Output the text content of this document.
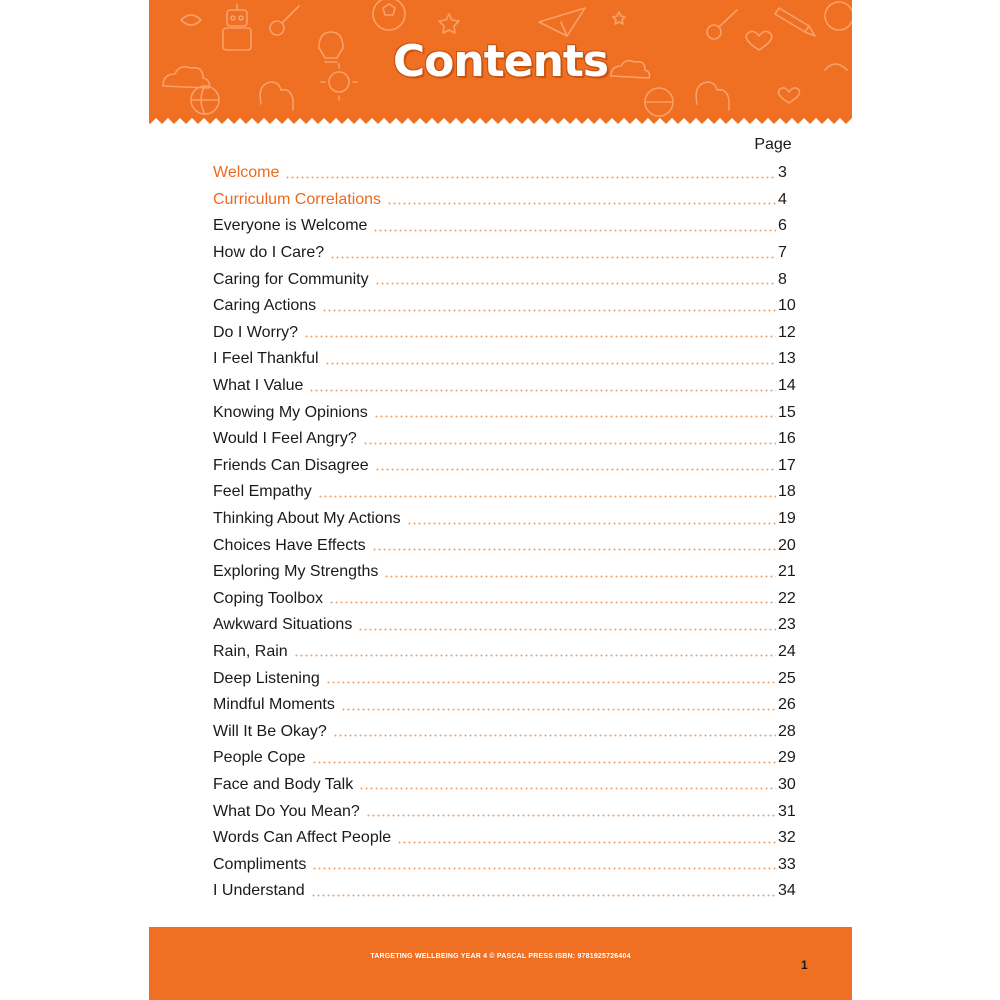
Contents
Page
Welcome	3
Curriculum Correlations	4
Everyone is Welcome	6
How do I Care?	7
Caring for Community	8
Caring Actions	10
Do I Worry?	12
I Feel Thankful	13
What I Value	14
Knowing My Opinions	15
Would I Feel Angry?	16
Friends Can Disagree	17
Feel Empathy	18
Thinking About My Actions	19
Choices Have Effects	20
Exploring My Strengths	21
Coping Toolbox	22
Awkward Situations	23
Rain, Rain	24
Deep Listening	25
Mindful Moments	26
Will It Be Okay?	28
People Cope	29
Face and Body Talk	30
What Do You Mean?	31
Words Can Affect People	32
Compliments	33
I Understand	34
TARGETING WELLBEING YEAR 4 © PASCAL PRESS ISBN: 9781925726404
1
